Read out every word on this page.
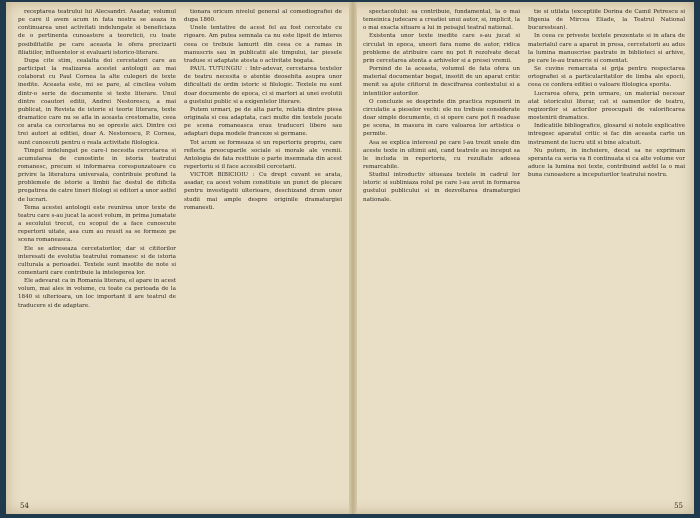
receptarea teatrului lui Alecsandri. Asadar, volumul pe care il avem acum in fata nostra se asaza in continuarea unei activitati indelungate si beneficiaza de o pertinenta cunoastere a teoreticii, cu toate posibilitatile pe care aceasta le ofera precizarii filiatiilor, influentelor si evaluarii istorico-literare.

Dupa cite stim, cealalta doi cercetatori care au participat la realizarea acestei antologii au mai colaborat cu Paul Cornea la alte culegeri de texte inedite. Aceasta este, mi se pare, al cincilea volum dintr-o serie de documente si texte literare. Unul dintre coautori editii, Andrei Nestorescu, a mai publicat, in Revista de istorie si teorie literara, texte dramatice care nu se afla in aceasta crestomatie, ceea ce arata ca cercetarea nu se opreste aici. Dintre cei trei autori ai editiei, doar A. Nestorescu, P. Cornea, sunt cunoscuti pentru o reala activitate filologica.

Timpul indelungat pe care-l necesita cercetarea si acumularea de cunostinte in istoria teatrului romanesc, precum si informarea corespunzatoare cu privire la literatura universala, contribuie profund la problemele de istorie a limbii fac destul de dificila pregatirea de catre tineri filologi si editori a unor astfel de lucrari.

Tema acestei antologii este reunirea unor texte de teatru care s-au jucat la acest volum, in prima jumatate a secolului trecut, cu scopul de a face cunoscute repertorii uitate, asa cum au reusit sa se formeze pe scena romaneasca.

Ele se adreseaza cercetatorilor, dar si cititorilor interesati de evolutia teatrului romanesc si de istoria culturala a perioadei. Textele sunt insotite de note si comentarii care contribuie la intelegerea lor.

Ele adevarat ca in Romania literara, el apare in acest volum, mai ales in volume, cu toate ca perioada de la 1840 si ulterioara, un loc important il are teatrul de traducere si de adaptare.

tionara oricum nivelul general al comediografiei de dupa 1860.

Unele tentative de acest fel au fost cercetate cu rigoare. Am putea semnala ca nu este lipsit de interes ceea ce trebuie lamurit din ceea ce a ramas in manuscris sau in publicatii ale timpului, iar piesele traduse si adaptate atesta o activitate bogata.

PAUL TUTUNGIU : Intr-adevar, cercetarea textelor de teatru necesita o atentie deosebita asupra unor dificultati de ordin istoric si filologic. Textele nu sunt doar documente de epoca, ci si martori ai unei evolutii a gustului public si a exigentelor literare.

Putem urmari, pe de alta parte, relatia dintre piesa originala si cea adaptata, caci multe din textele jucate pe scena romaneasca erau traduceri libere sau adaptari dupa modele franceze si germane.

Tot acum se formeaza si un repertoriu propriu, care reflecta preocuparile sociale si morale ale vremii. Antologia de fata restituie o parte insemnata din acest repertoriu si il face accesibil cercetarii.

VICTOR BIBICIOIU : Cu drept cuvant se arata, asadar, ca acest volum constituie un punct de plecare pentru investigatii ulterioare, deschizand drum unor studii mai ample despre originile dramaturgiei romanesti.

54

spectacolului: sa contribuie, fundamental, la o mai temeinica judecare a creatiei unui autor, si, implicit, la o mai exacta situare a lui in peisajul teatral national.

Existenta unor texte inedite care s-au jucat si circulat in epoca, uneori fara nume de autor, ridica probleme de atribuire care nu pot fi rezolvate decat prin cercetarea atenta a arhivelor si a presei vremii.

Pornind de la aceasta, volumul de fata ofera un material documentar bogat, insotit de un aparat critic menit sa ajute cititorul in descifrarea contextului si a intentiilor autorilor.

O concluzie se desprinde din practica repunerii in circulatie a pieselor vechi: ele nu trebuie considerate doar simple documente, ci si opere care pot fi readuse pe scena, in masura in care valoarea lor artistica o permite.

Asa se explica interesul pe care l-au trezit unele din aceste texte in ultimii ani, cand teatrele au inceput sa le includa in repertoriu, cu rezultate adesea remarcabile.

Studiul introductiv situeaza textele in cadrul lor istoric si subliniaza rolul pe care l-au avut in formarea gustului publicului si in dezvoltarea dramaturgiei nationale.

tie si utilata (exceptiile Dorina de Camil Petrescu si Ifigenia de Mircea Eliade, la Teatrul National bucurestean).

In ceea ce priveste textele prezentate si in afara de materialul care a aparut in presa, cercetatorii au adus la lumina manuscrise pastrate in biblioteci si arhive, pe care le-au transcris si comentat.

Se cuvine remarcata si grija pentru respectarea ortografiei si a particularitatilor de limba ale epocii, ceea ce confera editiei o valoare filologica sporita.

Lucrarea ofera, prin urmare, un material necesar atat istoricului literar, cat si oamenilor de teatru, regizorilor si actorilor preocupati de valorificarea mostenirii dramatice.

Indicatiile bibliografice, glosarul si notele explicative intregesc aparatul critic si fac din aceasta carte un instrument de lucru util si bine alcatuit.

Nu putem, in incheiere, decat sa ne exprimam speranta ca seria va fi continuata si ca alte volume vor aduce la lumina noi texte, contribuind astfel la o mai buna cunoastere a inceputurilor teatrului nostru.

55
